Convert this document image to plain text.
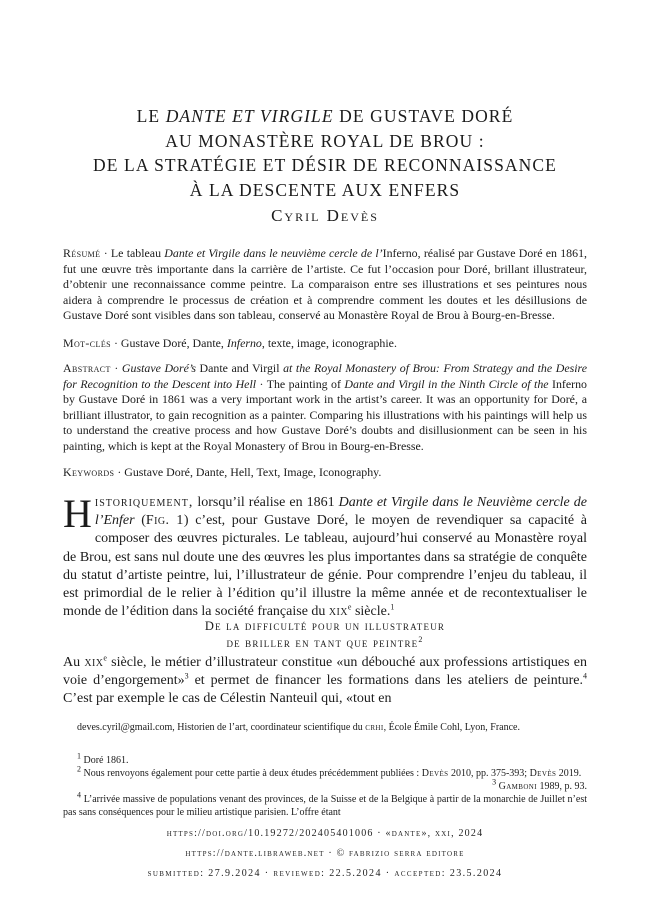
LE DANTE ET VIRGILE DE GUSTAVE DORÉ
AU MONASTÈRE ROYAL DE BROU :
DE LA STRATÉGIE ET DÉSIR DE RECONNAISSANCE
À LA DESCENTE AUX ENFERS
Cyril Devès
Résumé · Le tableau Dante et Virgile dans le neuvième cercle de l’Inferno, réalisé par Gustave Doré en 1861, fut une œuvre très importante dans la carrière de l’artiste. Ce fut l’occasion pour Doré, brillant illustrateur, d’obtenir une reconnaissance comme peintre. La comparaison entre ses illustrations et ses peintures nous aidera à comprendre le processus de création et à comprendre comment les doutes et les désillusions de Gustave Doré sont visibles dans son tableau, conservé au Monastère Royal de Brou à Bourg-en-Bresse.
Mot-clés · Gustave Doré, Dante, Inferno, texte, image, iconographie.
Abstract · Gustave Doré’s Dante and Virgil at the Royal Monastery of Brou: From Strategy and the Desire for Recognition to the Descent into Hell · The painting of Dante and Virgil in the Ninth Circle of the Inferno by Gustave Doré in 1861 was a very important work in the artist’s career. It was an opportunity for Doré, a brilliant illustrator, to gain recognition as a painter. Comparing his illustrations with his paintings will help us to understand the creative process and how Gustave Doré’s doubts and disillusionment can be seen in his painting, which is kept at the Royal Monastery of Brou in Bourg-en-Bresse.
Keywords · Gustave Doré, Dante, Hell, Text, Image, Iconography.
Historiquement, lorsqu’il réalise en 1861 Dante et Virgile dans le Neuvième cercle de l’Enfer (Fig. 1) c’est, pour Gustave Doré, le moyen de revendiquer sa capacité à composer des œuvres picturales. Le tableau, aujourd’hui conservé au Monastère royal de Brou, est sans nul doute une des œuvres les plus importantes dans sa stratégie de conquête du statut d’artiste peintre, lui, l’illustrateur de génie. Pour comprendre l’enjeu du tableau, il est primordial de le relier à l’édition qu’il illustre la même année et de recontextualiser le monde de l’édition dans la société française du xix$^e$ siècle.$^1$
De la difficulté pour un illustrateur
de briller en tant que peintre$^2$
Au xix$^e$ siècle, le métier d’illustrateur constitue «un débouché aux professions artistiques en voie d’engorgement»$^3$ et permet de financer les formations dans les ateliers de peinture.$^4$ C’est par exemple le cas de Célestin Nanteuil qui, «tout en
deves.cyril@gmail.com, Historien de l’art, coordinateur scientifique du crhi, École Émile Cohl, Lyon, France.
$^1$ Doré 1861.
$^2$ Nous renvoyons également pour cette partie à deux études précédemment publiées : Devès 2010, pp. 375-393; Devès 2019.
$^3$ Gamboni 1989, p. 93.
$^4$ L’arrivée massive de populations venant des provinces, de la Suisse et de la Belgique à partir de la monarchie de Juillet n’est pas sans conséquences pour le milieu artistique parisien. L’offre étant
https://doi.org/10.19272/202405401006 · «dante», xxi, 2024
https://dante.libraweb.net · © fabrizio serra editore
submitted: 27.9.2024 · reviewed: 22.5.2024 · accepted: 23.5.2024
